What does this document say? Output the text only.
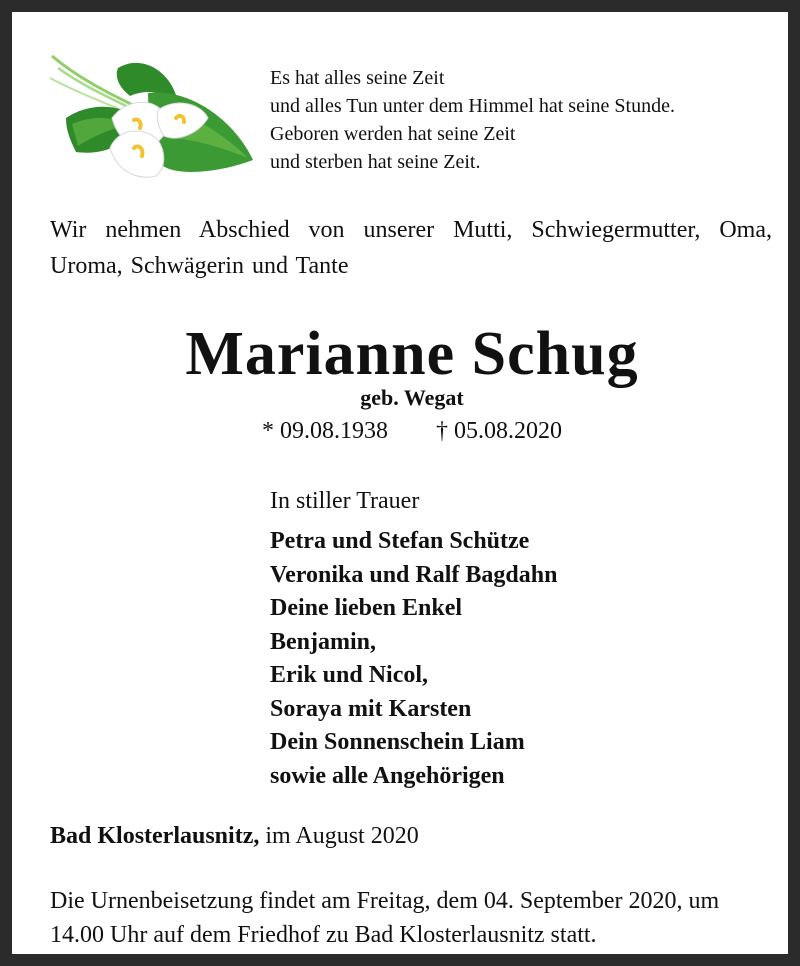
Es hat alles seine Zeit
und alles Tun unter dem Himmel hat seine Stunde.
Geboren werden hat seine Zeit
und sterben hat seine Zeit.
Wir nehmen Abschied von unserer Mutti, Schwiegermutter, Oma, Uroma, Schwägerin und Tante
Marianne Schug
geb. Wegat
* 09.08.1938 † 05.08.2020
In stiller Trauer
Petra und Stefan Schütze
Veronika und Ralf Bagdahn
Deine lieben Enkel
Benjamin,
Erik und Nicol,
Soraya mit Karsten
Dein Sonnenschein Liam
sowie alle Angehörigen
Bad Klosterlausnitz, im August 2020
Die Urnenbeisetzung findet am Freitag, dem 04. September 2020, um 14.00 Uhr auf dem Friedhof zu Bad Klosterlausnitz statt.
